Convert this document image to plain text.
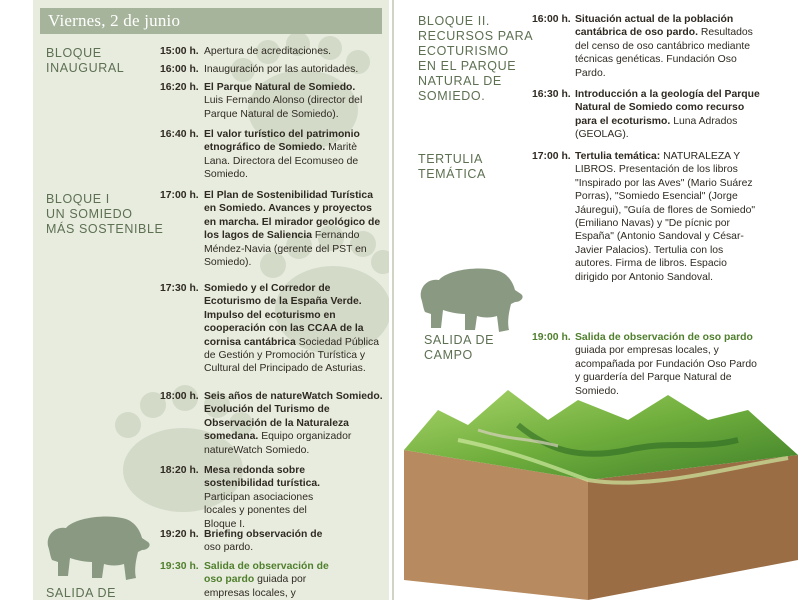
Viernes, 2 de junio
BLOQUE
INAUGURAL
BLOQUE I
UN SOMIEDO
MÁS SOSTENIBLE
SALIDA DE
15:00 h. Apertura de acreditaciones.
16:00 h. Inauguración por las autoridades.
16:20 h. El Parque Natural de Somiedo.
Luis Fernando Alonso (director del Parque Natural de Somiedo).
16:40 h. El valor turístico del patrimonio etnográfico de Somiedo. Maritè Lana. Directora del Ecomuseo de Somiedo.
17:00 h. El Plan de Sostenibilidad Turística en Somiedo. Avances y proyectos en marcha. El mirador geológico de los lagos de Saliencia Fernando Méndez-Navia (gerente del PST en Somiedo).
17:30 h. Somiedo y el Corredor de Ecoturismo de la España Verde. Impulso del ecoturismo en cooperación con las CCAA de la cornisa cantábrica Sociedad Pública de Gestión y Promoción Turística y Cultural del Principado de Asturias.
18:00 h. Seis años de natureWatch Somiedo. Evolución del Turismo de Observación de la Naturaleza somedana. Equipo organizador natureWatch Somiedo.
18:20 h. Mesa redonda sobre sostenibilidad turística.
Participan asociaciones locales y ponentes del Bloque I.
19:20 h. Briefing observación de
oso pardo.
19:30 h. Salida de observación de oso pardo guiada por empresas locales, y
BLOQUE II.
RECURSOS PARA
ECOTURISMO
EN EL PARQUE
NATURAL DE
SOMIEDO.
TERTULIA
TEMÁTICA
SALIDA DE
CAMPO
16:00 h. Situación actual de la población cantábrica de oso pardo. Resultados del censo de oso cantábrico mediante técnicas genéticas. Fundación Oso Pardo.
16:30 h. Introducción a la geología del Parque Natural de Somiedo como recurso para el ecoturismo. Luna Adrados (GEOLAG).
17:00 h. Tertulia temática: NATURALEZA Y LIBROS. Presentación de los libros "Inspirado por las Aves" (Mario Suárez Porras), "Somiedo Esencial" (Jorge Jáuregui), "Guía de flores de Somiedo" (Emiliano Navas) y "De pícnic por España" (Antonio Sandoval y César-Javier Palacios). Tertulia con los autores. Firma de libros. Espacio dirigido por Antonio Sandoval.
19:00 h. Salida de observación de oso pardo guiada por empresas locales, y acompañada por Fundación Oso Pardo y guardería del Parque Natural de Somiedo.
